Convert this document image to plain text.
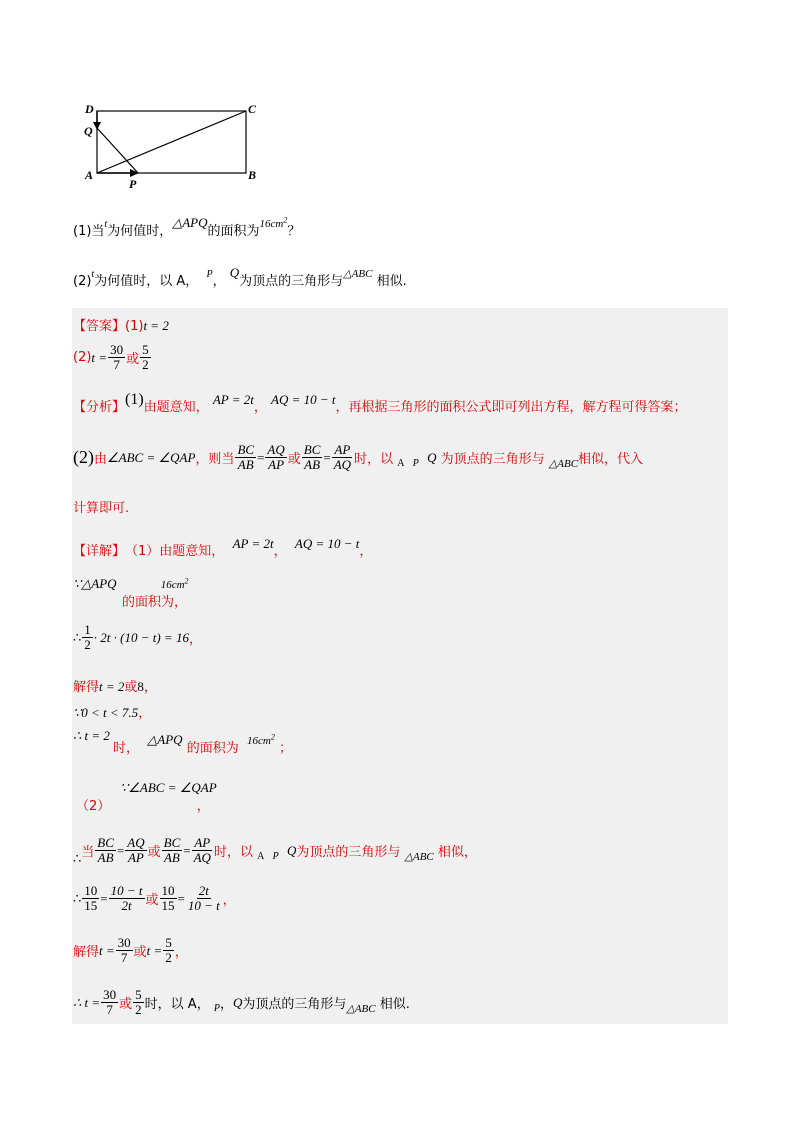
D
Q
A
P
C
B
(1)当$^t$为何值时，△APQ的面积为$^{16cm^2}$？
$(2)^t$为何值时，以 A， $^P$， Q为顶点的三角形与$^{\triangle ABC}$ 相似.
【答案】(1)t = 2
(2) $t = \frac{30}{7}$ 或 $\frac{5}{2}$
【分析】 (1) 由题意知，

AP = 2t
，

AQ = 10 − t
，再根据三角形的面积公式即可列出方程，解方程可得答案；
(2) 由 ∠ABC = ∠QAP ，则当 $\frac{BC}{AB} = \frac{AQ}{AP}$ 或 $\frac{BC}{AB} = \frac{AP}{AQ}$ 时，以
A
P
Q
为顶点的三角形与
△ABC 相似，代入
计算即可.
【详解】 （1）由题意知，

AP = 2t
，

AQ = 10 − t
，
∵△APQ	$16cm^2$
的面积为，
∴ $\frac{1}{2} \cdot 2t \cdot (10 - t) = 16$ ，
解得t = 2或8，
∵0 < t < 7.5，
∴ t = 2
时，  △APQ 的面积为 $^{16cm^2}$ ；
∵∠ABC = ∠QAP
（2）	，
∴ 当 $\frac{BC}{AB} = \frac{AQ}{AP}$ 或 $\frac{BC}{AB} = \frac{AP}{AQ}$ 时，以
A
P
Q 为顶点的三角形与
△ABC
相似，
∴ $\frac{10}{15} = \frac{10 - t}{2t}$ 或 $\frac{10}{15} = \frac{2t}{10 - t}$ ，
解得 $t = \frac{30}{7}$ 或 $t = \frac{5}{2}$ ，
∴ $t = \frac{30}{7}$ 或 $\frac{5}{2}$ 时，以 A，
P ， Q 为顶点的三角形与 △ABC
相似.
